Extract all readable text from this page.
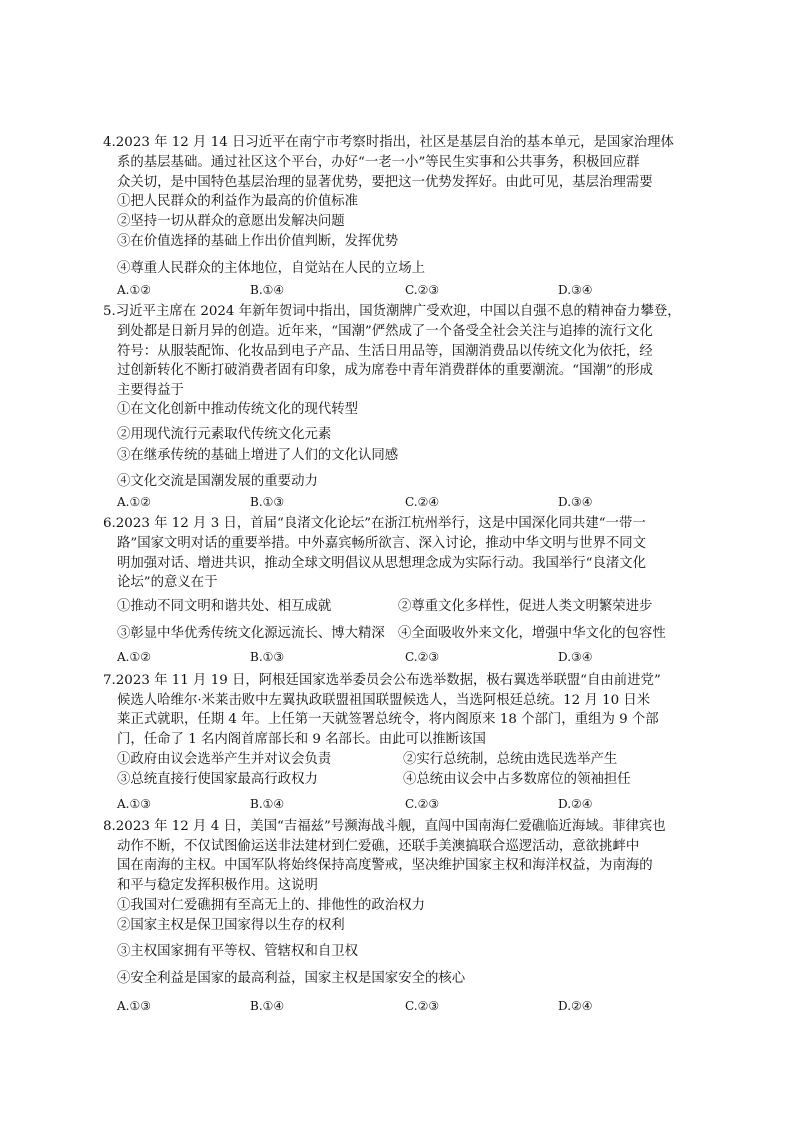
4.2023 年 12 月 14 日习近平在南宁市考察时指出，社区是基层自治的基本单元，是国家治理体
系的基层基础。通过社区这个平台，办好“一老一小”等民生实事和公共事务，积极回应群
众关切，是中国特色基层治理的显著优势，要把这一优势发挥好。由此可见，基层治理需要
①把人民群众的利益作为最高的价值标准
②坚持一切从群众的意愿出发解决问题
③在价值选择的基础上作出价值判断，发挥优势
④尊重人民群众的主体地位，自觉站在人民的立场上
A.①②	B.①④	C.②③	D.③④
5.习近平主席在 2024 年新年贺词中指出，国货潮牌广受欢迎，中国以自强不息的精神奋力攀登，
到处都是日新月异的创造。近年来，“国潮”俨然成了一个备受全社会关注与追捧的流行文化
符号：从服装配饰、化妆品到电子产品、生活日用品等，国潮消费品以传统文化为依托，经
过创新转化不断打破消费者固有印象，成为席卷中青年消费群体的重要潮流。“国潮”的形成
主要得益于
①在文化创新中推动传统文化的现代转型
②用现代流行元素取代传统文化元素
③在继承传统的基础上增进了人们的文化认同感
④文化交流是国潮发展的重要动力
A.①②	B.①③	C.②④	D.③④
6.2023 年 12 月 3 日，首届“良渚文化论坛”在浙江杭州举行，这是中国深化同共建“一带一
路”国家文明对话的重要举措。中外嘉宾畅所欲言、深入讨论，推动中华文明与世界不同文
明加强对话、增进共识，推动全球文明倡议从思想理念成为实际行动。我国举行“良渚文化
论坛”的意义在于
①推动不同文明和谐共处、相互成就	②尊重文化多样性，促进人类文明繁荣进步
③彰显中华优秀传统文化源远流长、博大精深 ④全面吸收外来文化，增强中华文化的包容性
A.①②	B.①③	C.②③	D.③④
7.2023 年 11 月 19 日，阿根廷国家选举委员会公布选举数据，极右翼选举联盟“自由前进党”
候选人哈维尔·米莱击败中左翼执政联盟祖国联盟候选人，当选阿根廷总统。12 月 10 日米
莱正式就职，任期 4 年。上任第一天就签署总统令，将内阁原来 18 个部门，重组为 9 个部
门，任命了 1 名内阁首席部长和 9 名部长。由此可以推断该国
①政府由议会选举产生并对议会负责	②实行总统制，总统由选民选举产生
③总统直接行使国家最高行政权力	④总统由议会中占多数席位的领袖担任
A.①③	B.①④	C.②③	D.②④
8.2023 年 12 月 4 日，美国“吉福兹”号濒海战斗舰，直闯中国南海仁爱礁临近海域。菲律宾也
动作不断，不仅试图偷运送非法建材到仁爱礁，还联手美澳搞联合巡逻活动，意欲挑衅中
国在南海的主权。中国军队将始终保持高度警戒，坚决维护国家主权和海洋权益，为南海的
和平与稳定发挥积极作用。这说明
①我国对仁爱礁拥有至高无上的、排他性的政治权力
②国家主权是保卫国家得以生存的权利
③主权国家拥有平等权、管辖权和自卫权
④安全利益是国家的最高利益，国家主权是国家安全的核心
A.①③	B.①④	C.②③	D.②④
